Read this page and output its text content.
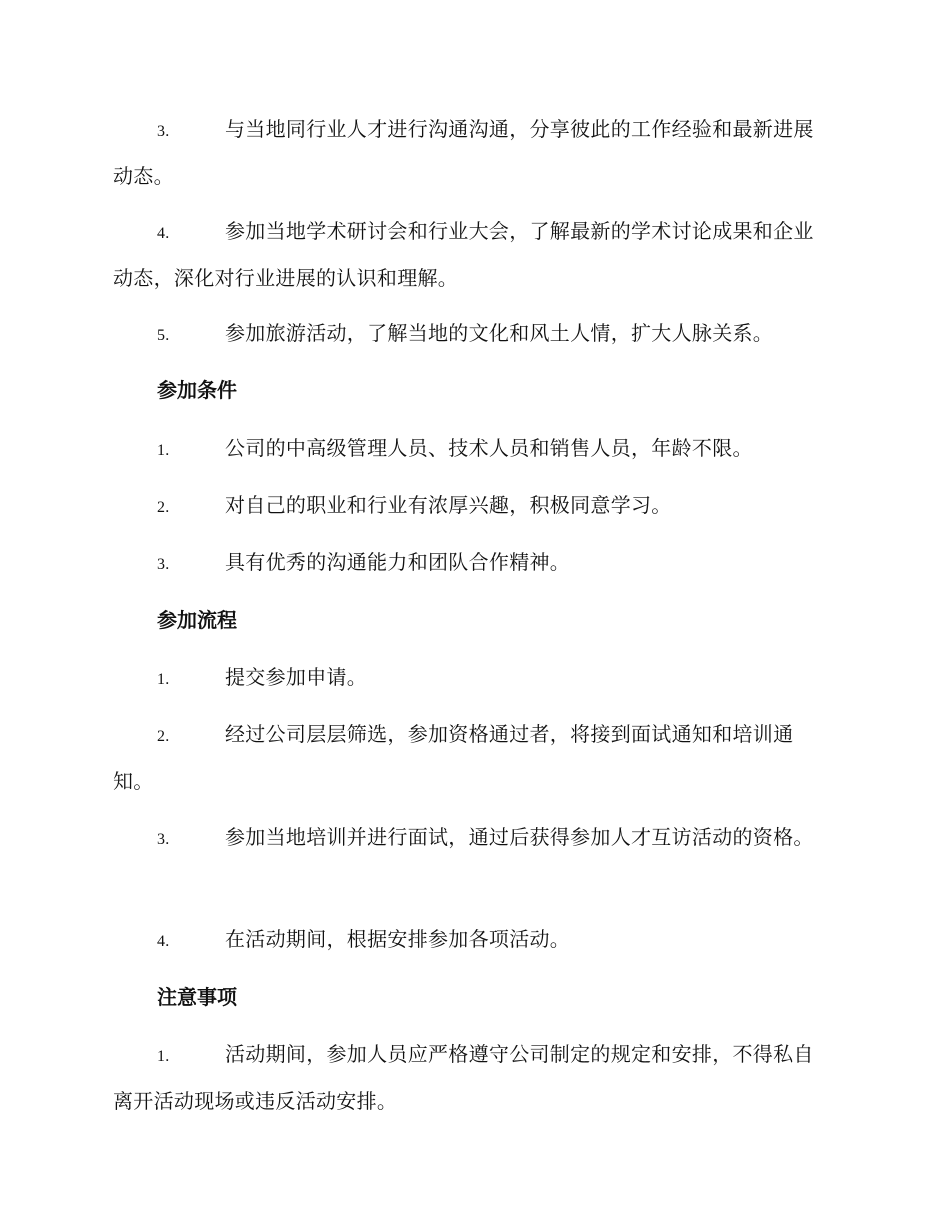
3.	与当地同行业人才进行沟通沟通，分享彼此的工作经验和最新进展动态。

4.	参加当地学术研讨会和行业大会，了解最新的学术讨论成果和企业动态，深化对行业进展的认识和理解。

5.	参加旅游活动，了解当地的文化和风土人情，扩大人脉关系。

参加条件

1.	公司的中高级管理人员、技术人员和销售人员，年龄不限。

2.	对自己的职业和行业有浓厚兴趣，积极同意学习。

3.	具有优秀的沟通能力和团队合作精神。

参加流程

1.	提交参加申请。

2.	经过公司层层筛选，参加资格通过者，将接到面试通知和培训通知。

3.	参加当地培训并进行面试，通过后获得参加人才互访活动的资格。

4.	在活动期间，根据安排参加各项活动。

注意事项

1.	活动期间，参加人员应严格遵守公司制定的规定和安排，不得私自离开活动现场或违反活动安排。
